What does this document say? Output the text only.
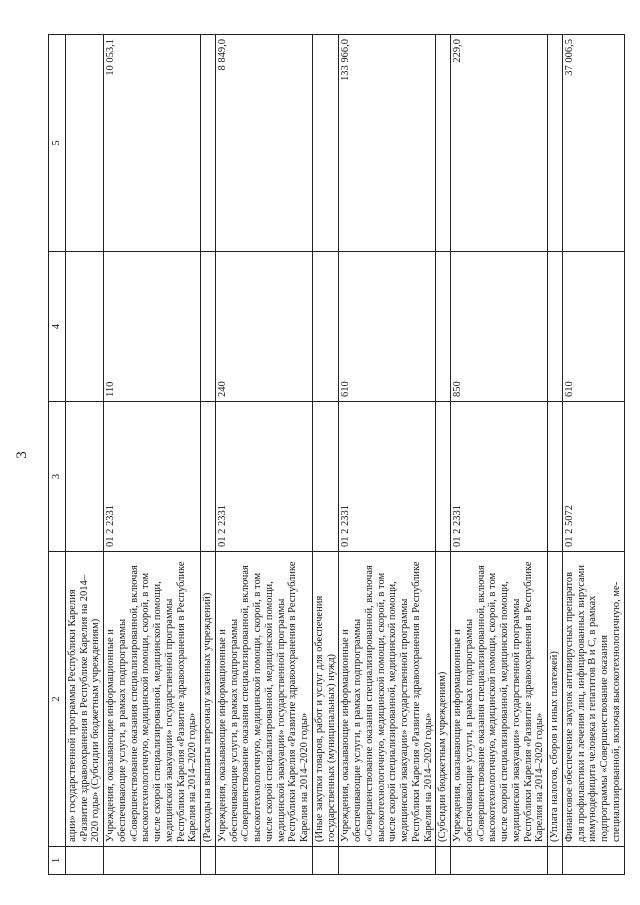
3
1	2	3	4	5
	ации» государственной программы Республики Карелия «Развитие здравоохранения в Республике Карелия на 2014–2020 годы» (Субсидии бюджетным учреждениям)			
	Учреждения, оказывающие информационные и обеспечивающие услуги, в рамках подпрограммы «Совершенствование оказания специализированной, включая высокотехнологичную, медицинской помощи, скорой, в том числе скорой специализированной, медицинской помощи, медицинской эвакуации» государственной программы Республики Карелия «Развитие здравоохранения в Республике Карелия на 2014–2020 годы»	01 2 2331	110	10 053,1
	(Расходы на выплаты персоналу казенных учреждений)			
	Учреждения, оказывающие информационные и обеспечивающие услуги, в рамках подпрограммы «Совершенствование оказания специализированной, включая высокотехнологичную, медицинской помощи, скорой, в том числе скорой специализированной, медицинской помощи, медицинской эвакуации» государственной программы Республики Карелия «Развитие здравоохранения в Республике Карелия на 2014–2020 годы»	01 2 2331	240	8 849,0
	(Иные закупки товаров, работ и услуг для обеспечения государственных (муниципальных) нужд)			
	Учреждения, оказывающие информационные и обеспечивающие услуги, в рамках подпрограммы «Совершенствование оказания специализированной, включая высокотехнологичную, медицинской помощи, скорой, в том числе скорой специализированной, медицинской помощи, медицинской эвакуации» государственной программы Республики Карелия «Развитие здравоохранения в Республике Карелия на 2014–2020 годы»	01 2 2331	610	133 966,0
	(Субсидии бюджетным учреждениям)			
	Учреждения, оказывающие информационные и обеспечивающие услуги, в рамках подпрограммы «Совершенствование оказания специализированной, включая высокотехнологичную, медицинской помощи, скорой, в том числе скорой специализированной, медицинской помощи, медицинской эвакуации» государственной программы Республики Карелия «Развитие здравоохранения в Республике Карелия на 2014–2020 годы»	01 2 2331	850	229,0
	(Уплата налогов, сборов и иных платежей)			
	Финансовое обеспечение закупок антивирусных препаратов для профилактики и лечения лиц, инфицированных вирусами иммунодефицита человека и гепатитов В и С, в рамках подпрограммы «Совершенствование оказания специализированной, включая высокотехнологичную, ме-	01 2 5072	610	37 006,5
